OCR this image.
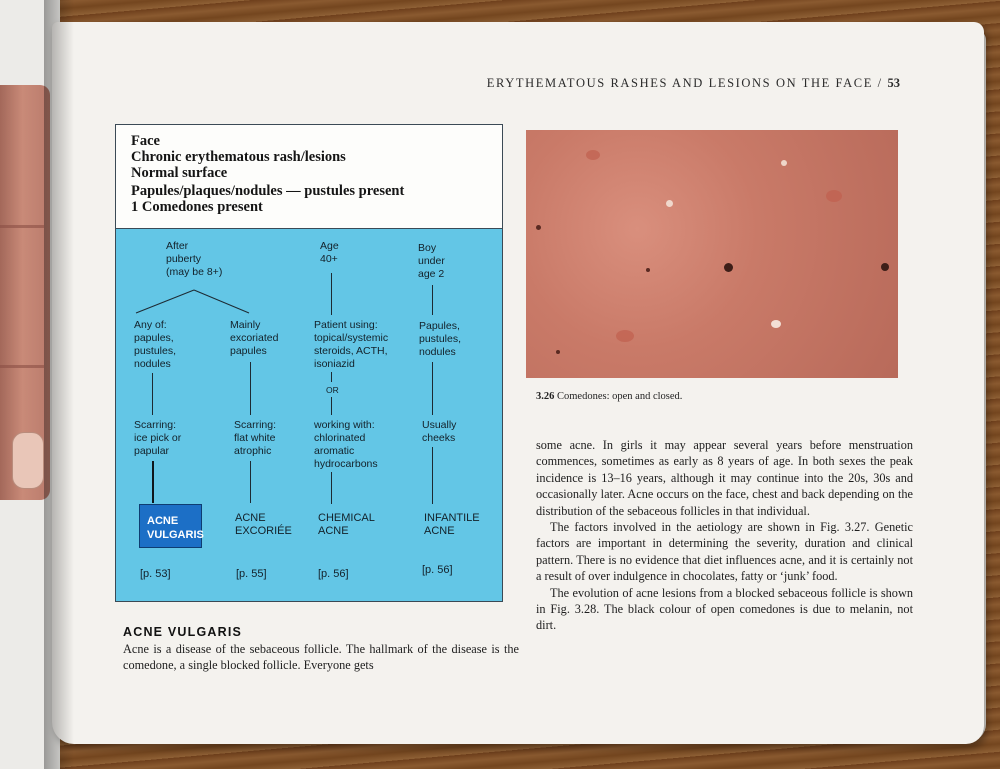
ERYTHEMATOUS RASHES AND LESIONS ON THE FACE / 53
Face
Chronic erythematous rash/lesions
Normal surface
Papules/plaques/nodules — pustules present
1 Comedones present
After
puberty
(may be 8+)
Any of:
papules,
pustules,
nodules
Scarring:
ice pick or
papular
ACNE
VULGARIS
[p. 53]
Mainly
excoriated
papules
Scarring:
flat white
atrophic
ACNE
EXCORIÉE
[p. 55]
Age
40+
Patient using:
topical/systemic
steroids, ACTH,
isoniazid
OR
working with:
chlorinated
aromatic
hydrocarbons
CHEMICAL
ACNE
[p. 56]
Boy
under
age 2
Papules,
pustules,
nodules
Usually
cheeks
INFANTILE
ACNE
[p. 56]
3.26 Comedones: open and closed.

some acne. In girls it may appear several years before menstruation commences, sometimes as early as 8 years of age. In both sexes the peak incidence is 13–16 years, although it may continue into the 20s, 30s and occasionally later. Acne occurs on the face, chest and back depending on the distribution of the sebaceous follicles in that individual.

The factors involved in the aetiology are shown in Fig. 3.27. Genetic factors are important in determining the severity, duration and clinical pattern. There is no evidence that diet influences acne, and it is certainly not a result of over indulgence in chocolates, fatty or ‘junk’ food.

The evolution of acne lesions from a blocked sebaceous follicle is shown in Fig. 3.28. The black colour of open comedones is due to melanin, not dirt.

ACNE VULGARIS

Acne is a disease of the sebaceous follicle. The hallmark of the disease is the comedone, a single blocked follicle. Everyone gets
